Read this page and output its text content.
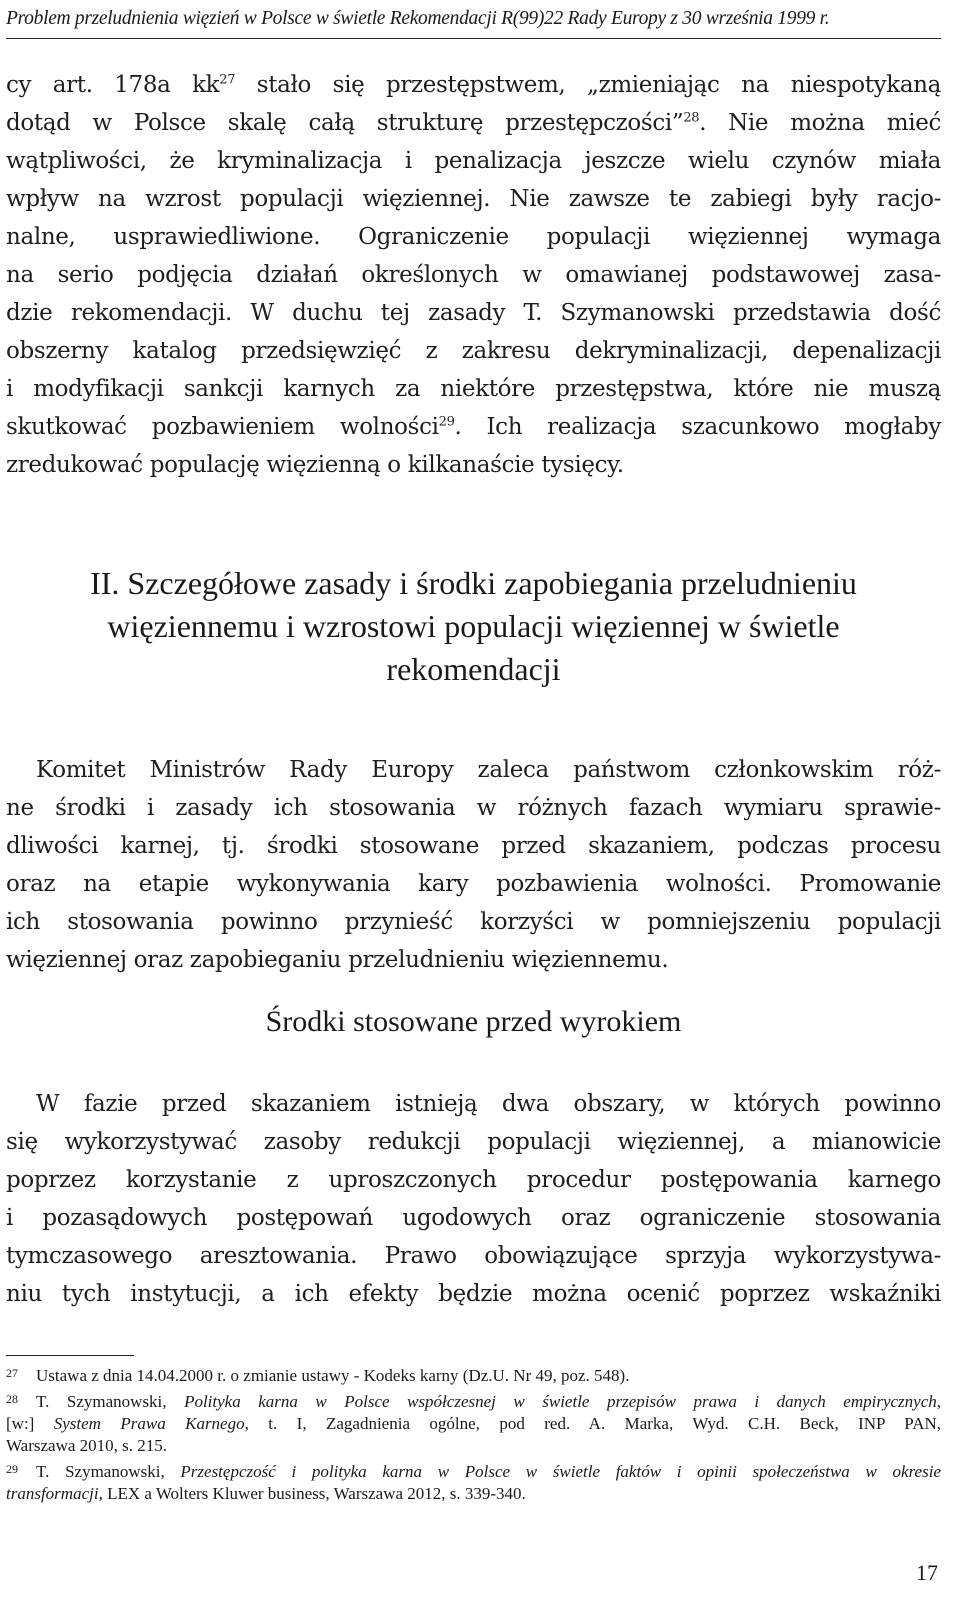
Problem przeludnienia więzień w Polsce w świetle Rekomendacji R(99)22 Rady Europy z 30 września 1999 r.
cy art. 178a $kk^{27}$ stało się przestępstwem, „zmieniając na niespotykaną
dotąd w Polsce skalę całą strukturę przestępczości”$^{28}$. Nie można mieć
wątpliwości, że kryminalizacja i penalizacja jeszcze wielu czynów miała
wpływ na wzrost populacji więziennej. Nie zawsze te zabiegi były racjo-
nalne, usprawiedliwione. Ograniczenie populacji więziennej wymaga
na serio podjęcia działań określonych w omawianej podstawowej zasa-
dzie rekomendacji. W duchu tej zasady T. Szymanowski przedstawia dość
obszerny katalog przedsięwzięć z zakresu dekryminalizacji, depenalizacji
i modyfikacji sankcji karnych za niektóre przestępstwa, które nie muszą
skutkować pozbawieniem wolności$^{29}$. Ich realizacja szacunkowo mogłaby
zredukować populację więzienną o kilkanaście tysięcy.
II. Szczegółowe zasady i środki zapobiegania przeludnieniu
więziennemu i wzrostowi populacji więziennej w świetle
rekomendacji
Komitet Ministrów Rady Europy zaleca państwom członkowskim róż-
ne środki i zasady ich stosowania w różnych fazach wymiaru sprawie-
dliwości karnej, tj. środki stosowane przed skazaniem, podczas procesu
oraz na etapie wykonywania kary pozbawienia wolności. Promowanie
ich stosowania powinno przynieść korzyści w pomniejszeniu populacji
więziennej oraz zapobieganiu przeludnieniu więziennemu.
Środki stosowane przed wyrokiem
W fazie przed skazaniem istnieją dwa obszary, w których powinno
się wykorzystywać zasoby redukcji populacji więziennej, a mianowicie
poprzez korzystanie z uproszczonych procedur postępowania karnego
i pozasądowych postępowań ugodowych oraz ograniczenie stosowania
tymczasowego aresztowania. Prawo obowiązujące sprzyja wykorzystywa-
niu tych instytucji, a ich efekty będzie można ocenić poprzez wskaźniki
27 Ustawa z dnia 14.04.2000 r. o zmianie ustawy - Kodeks karny (Dz.U. Nr 49, poz. 548).
28 T. Szymanowski, Polityka karna w Polsce współczesnej w świetle przepisów prawa i danych empirycznych,
[w:] System Prawa Karnego, t. I, Zagadnienia ogólne, pod red. A. Marka, Wyd. C.H. Beck, INP PAN,
Warszawa 2010, s. 215.
29 T. Szymanowski, Przestępczość i polityka karna w Polsce w świetle faktów i opinii społeczeństwa w okresie
transformacji, LEX a Wolters Kluwer business, Warszawa 2012, s. 339-340.
17
